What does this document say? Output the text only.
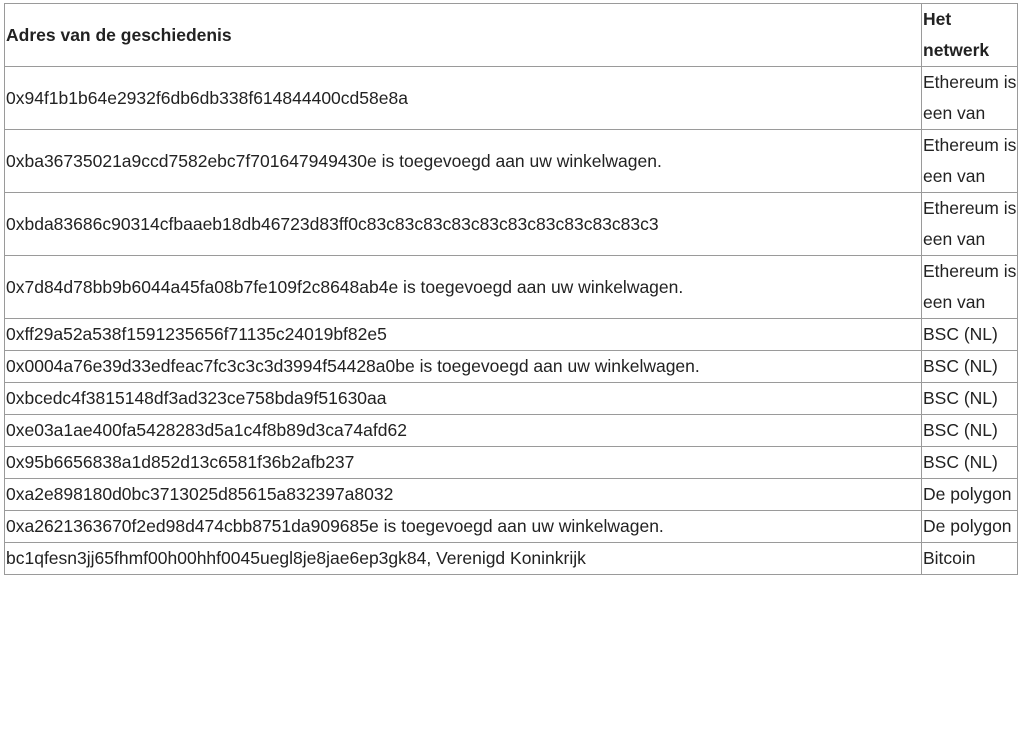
Adres van de geschiedenis	Het netwerk
0x94f1b1b64e2932f6db6db338f614844400cd58e8a	Ethereum is een van
0xba36735021a9ccd7582ebc7f701647949430e is toegevoegd aan uw winkelwagen.	Ethereum is een van
0xbda83686c90314cfbaaeb18db46723d83ff0c83c83c83c83c83c83c83c83c83c83c3	Ethereum is een van
0x7d84d78bb9b6044a45fa08b7fe109f2c8648ab4e is toegevoegd aan uw winkelwagen.	Ethereum is een van
0xff29a52a538f1591235656f71135c24019bf82e5	BSC (NL)
0x0004a76e39d33edfeac7fc3c3c3d3994f54428a0be is toegevoegd aan uw winkelwagen.	BSC (NL)
0xbcedc4f3815148df3ad323ce758bda9f51630aa	BSC (NL)
0xe03a1ae400fa5428283d5a1c4f8b89d3ca74afd62	BSC (NL)
0x95b6656838a1d852d13c6581f36b2afb237	BSC (NL)
0xa2e898180d0bc3713025d85615a832397a8032	De polygon
0xa2621363670f2ed98d474cbb8751da909685e is toegevoegd aan uw winkelwagen.	De polygon
bc1qfesn3jj65fhmf00h00hhf0045uegl8je8jae6ep3gk84, Verenigd Koninkrijk	Bitcoin
